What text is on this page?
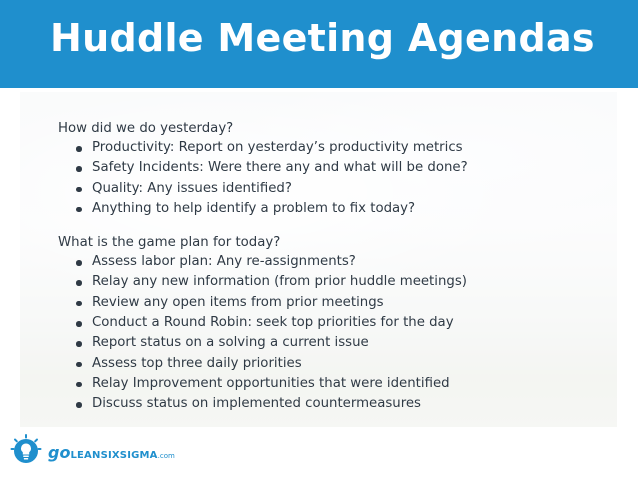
Huddle Meeting Agendas
How did we do yesterday?
Productivity: Report on yesterday’s productivity metrics
Safety Incidents: Were there any and what will be done?
Quality: Any issues identified?
Anything to help identify a problem to fix today?
What is the game plan for today?
Assess labor plan: Any re-assignments?
Relay any new information (from prior huddle meetings)
Review any open items from prior meetings
Conduct a Round Robin: seek top priorities for the day
Report status on a solving a current issue
Assess top three daily priorities
Relay Improvement opportunities that were identified
Discuss status on implemented countermeasures
goLEANSIXSIGMA.com
